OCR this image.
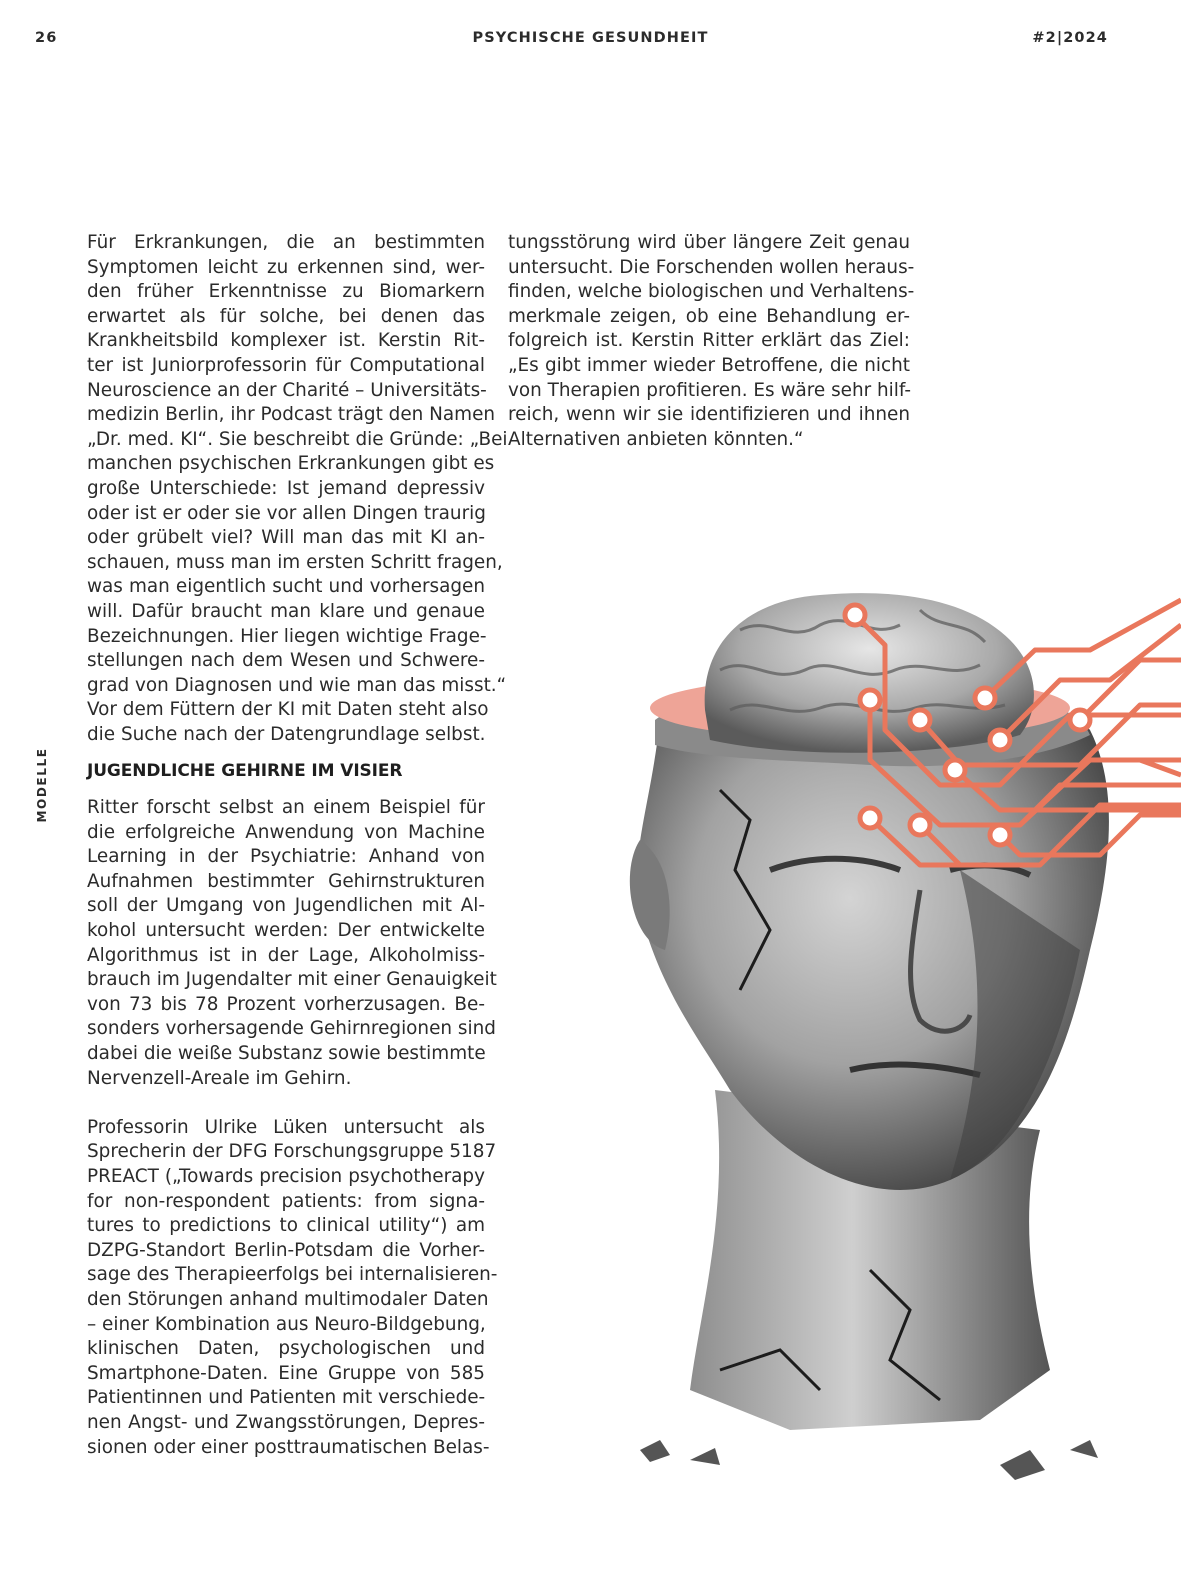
26	PSYCHISCHE GESUNDHEIT	#2|2024
MODELLE

Für Erkrankungen, die an bestimmten
Symptomen leicht zu erkennen sind, wer-
den früher Erkenntnisse zu Biomarkern
erwartet als für solche, bei denen das
Krankheitsbild komplexer ist. Kerstin Rit-
ter ist Juniorprofessorin für Computational
Neuroscience an der Charité – Universitäts-
medizin Berlin, ihr Podcast trägt den Namen
„Dr. med. KI“. Sie beschreibt die Gründe: „Bei
manchen psychischen Erkrankungen gibt es
große Unterschiede: Ist jemand depressiv
oder ist er oder sie vor allen Dingen traurig
oder grübelt viel? Will man das mit KI an-
schauen, muss man im ersten Schritt fragen,
was man eigentlich sucht und vorhersagen
will. Dafür braucht man klare und genaue
Bezeichnungen. Hier liegen wichtige Frage-
stellungen nach dem Wesen und Schwere-
grad von Diagnosen und wie man das misst.“
Vor dem Füttern der KI mit Daten steht also
die Suche nach der Datengrundlage selbst.

JUGENDLICHE GEHIRNE IM VISIER

Ritter forscht selbst an einem Beispiel für
die erfolgreiche Anwendung von Machine
Learning in der Psychiatrie: Anhand von
Aufnahmen bestimmter Gehirnstrukturen
soll der Umgang von Jugendlichen mit Al-
kohol untersucht werden: Der entwickelte
Algorithmus ist in der Lage, Alkoholmiss-
brauch im Jugendalter mit einer Genauigkeit
von 73 bis 78 Prozent vorherzusagen. Be-
sonders vorhersagende Gehirnregionen sind
dabei die weiße Substanz sowie bestimmte
Nervenzell-Areale im Gehirn.

Professorin Ulrike Lüken untersucht als
Sprecherin der DFG Forschungsgruppe 5187
PREACT („Towards precision psychotherapy
for non-respondent patients: from signa-
tures to predictions to clinical utility“) am
DZPG-Standort Berlin-Potsdam die Vorher-
sage des Therapieerfolgs bei internalisieren-
den Störungen anhand multimodaler Daten
– einer Kombination aus Neuro-Bildgebung,
klinischen Daten, psychologischen und
Smartphone-Daten. Eine Gruppe von 585
Patientinnen und Patienten mit verschiede-
nen Angst- und Zwangsstörungen, Depres-
sionen oder einer posttraumatischen Belas-

tungsstörung wird über längere Zeit genau
untersucht. Die Forschenden wollen heraus-
finden, welche biologischen und Verhaltens-
merkmale zeigen, ob eine Behandlung er-
folgreich ist. Kerstin Ritter erklärt das Ziel:
„Es gibt immer wieder Betroffene, die nicht
von Therapien profitieren. Es wäre sehr hilf-
reich, wenn wir sie identifizieren und ihnen
Alternativen anbieten könnten.“
